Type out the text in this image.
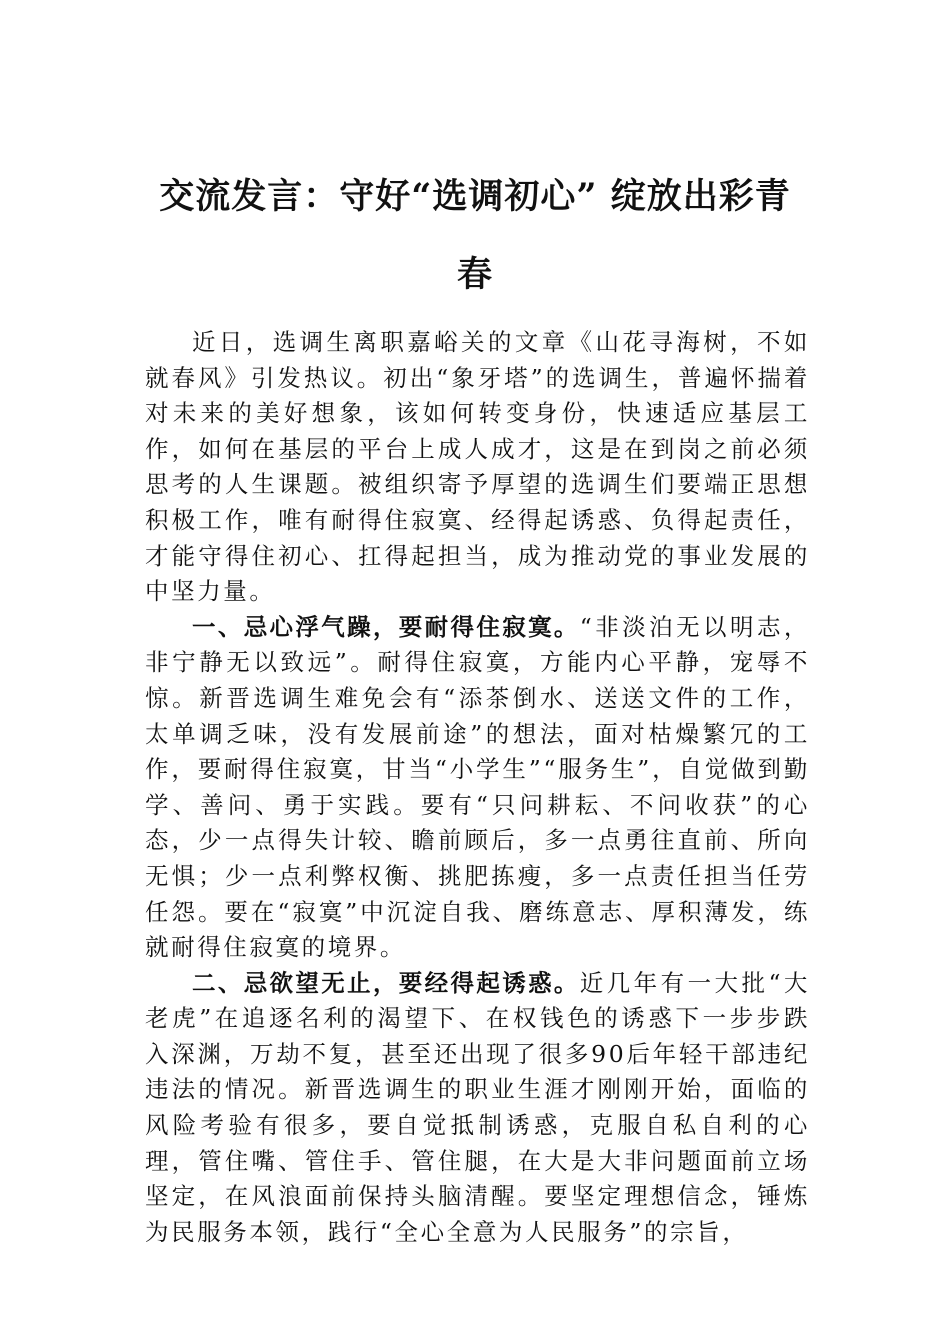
交流发言：守好“选调初心” 绽放出彩青
春

近日，选调生离职嘉峪关的文章《山花寻海树，不如就春风》引发热议。初出“象牙塔”的选调生，普遍怀揣着对未来的美好想象，该如何转变身份，快速适应基层工作，如何在基层的平台上成人成才，这是在到岗之前必须思考的人生课题。被组织寄予厚望的选调生们要端正思想积极工作，唯有耐得住寂寞、经得起诱惑、负得起责任，才能守得住初心、扛得起担当，成为推动党的事业发展的中坚力量。

一、忌心浮气躁，要耐得住寂寞。“非淡泊无以明志，非宁静无以致远”。耐得住寂寞，方能内心平静，宠辱不惊。新晋选调生难免会有“添茶倒水、送送文件的工作，太单调乏味，没有发展前途”的想法，面对枯燥繁冗的工作，要耐得住寂寞，甘当“小学生”“服务生”，自觉做到勤学、善问、勇于实践。要有“只问耕耘、不问收获”的心态，少一点得失计较、瞻前顾后，多一点勇往直前、所向无惧；少一点利弊权衡、挑肥拣瘦，多一点责任担当任劳任怨。要在“寂寞”中沉淀自我、磨练意志、厚积薄发，练就耐得住寂寞的境界。

二、忌欲望无止，要经得起诱惑。近几年有一大批“大老虎”在追逐名利的渴望下、在权钱色的诱惑下一步步跌入深渊，万劫不复，甚至还出现了很多90后年轻干部违纪违法的情况。新晋选调生的职业生涯才刚刚开始，面临的风险考验有很多，要自觉抵制诱惑，克服自私自利的心理，管住嘴、管住手、管住腿，在大是大非问题面前立场坚定，在风浪面前保持头脑清醒。要坚定理想信念，锤炼为民服务本领，践行“全心全意为人民服务”的宗旨，
